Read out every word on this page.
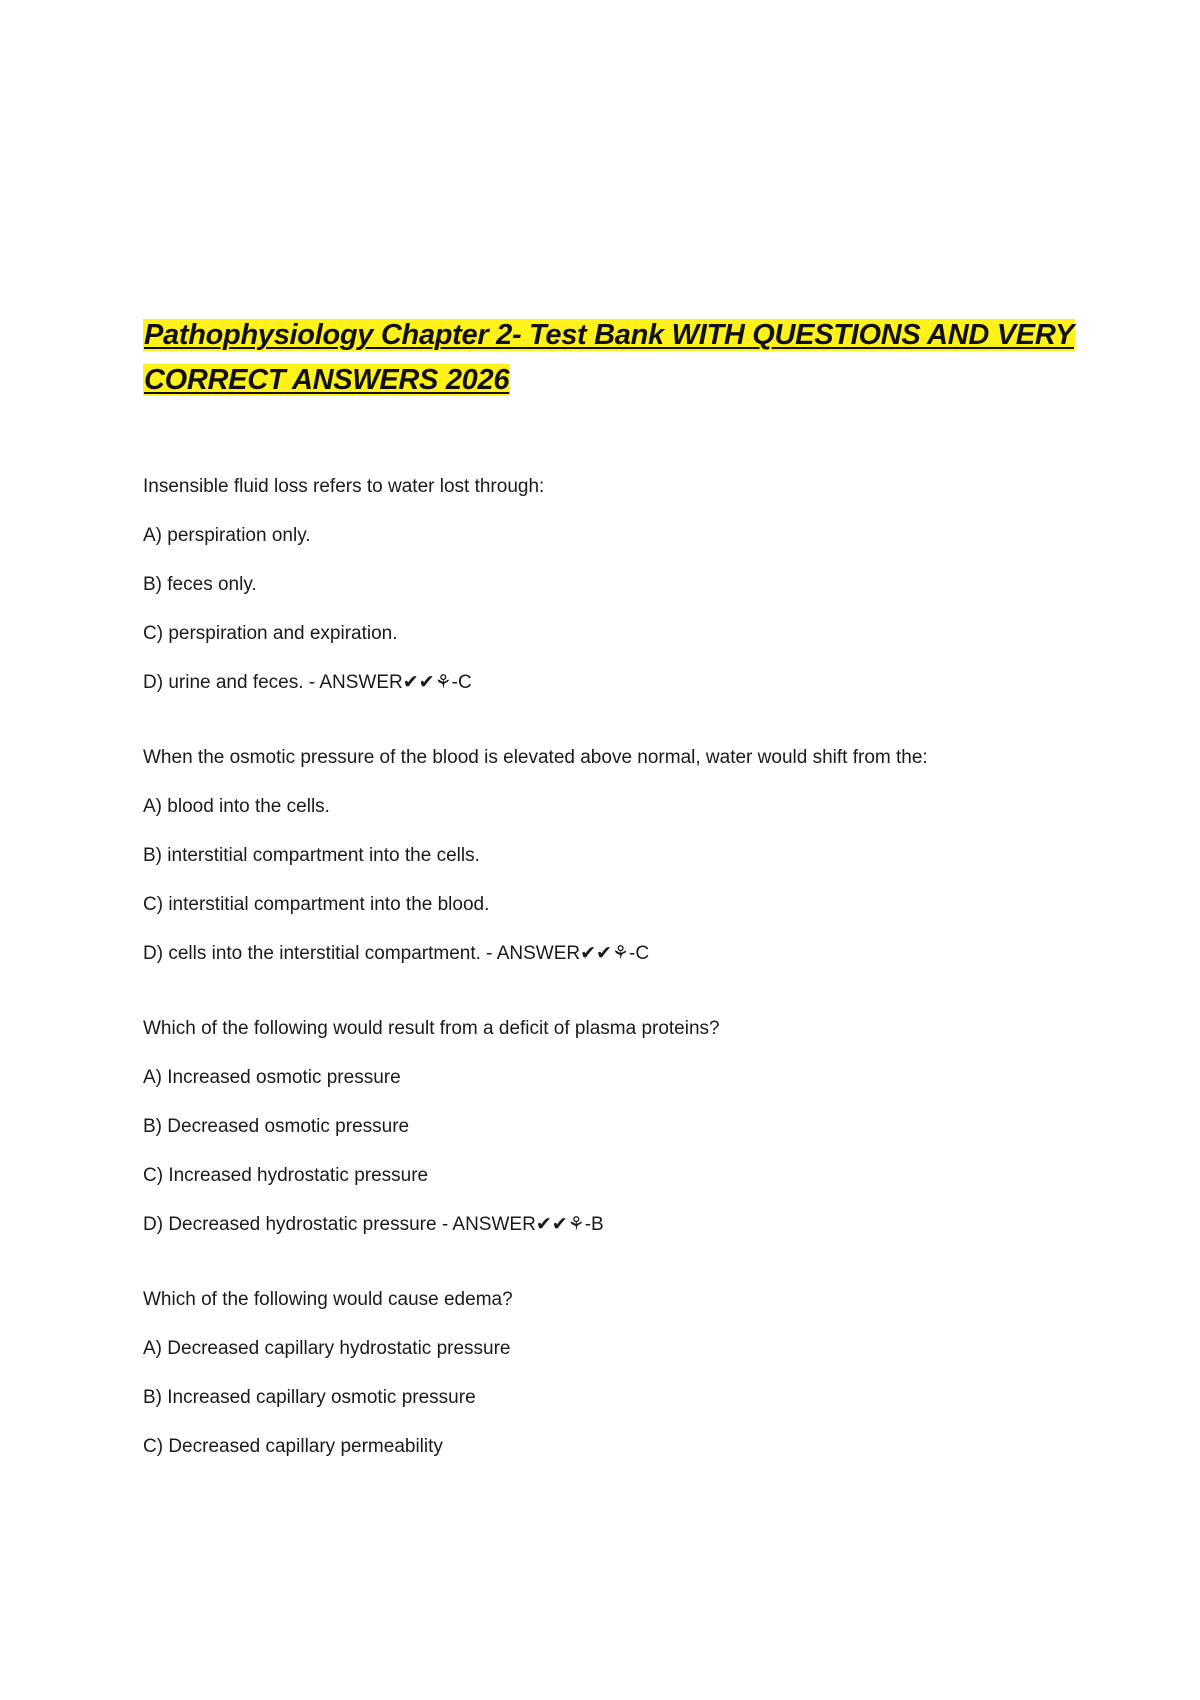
Pathophysiology Chapter 2- Test Bank WITH QUESTIONS AND VERY CORRECT ANSWERS 2026

Insensible fluid loss refers to water lost through:

A) perspiration only.

B) feces only.

C) perspiration and expiration.

D) urine and feces. - ANSWER✔✔⚘-C

When the osmotic pressure of the blood is elevated above normal, water would shift from the:

A) blood into the cells.

B) interstitial compartment into the cells.

C) interstitial compartment into the blood.

D) cells into the interstitial compartment. - ANSWER✔✔⚘-C

Which of the following would result from a deficit of plasma proteins?

A) Increased osmotic pressure

B) Decreased osmotic pressure

C) Increased hydrostatic pressure

D) Decreased hydrostatic pressure - ANSWER✔✔⚘-B

Which of the following would cause edema?

A) Decreased capillary hydrostatic pressure

B) Increased capillary osmotic pressure

C) Decreased capillary permeability
